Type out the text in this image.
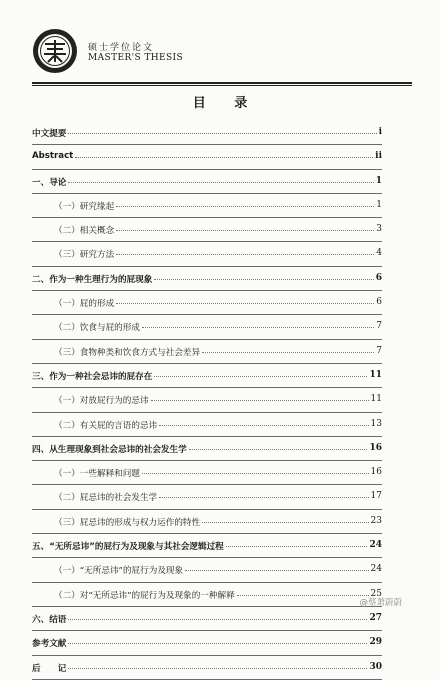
硕士学位论文
MASTER'S THESIS
目 录
中文提要	i
Abstract	ii
一、导论	1
（一）研究缘起	1
（二）相关概念	3
（三）研究方法	4
二、作为一种生理行为的屁现象	6
（一）屁的形成	6
（二）饮食与屁的形成	7
（三）食物种类和饮食方式与社会差异	7
三、作为一种社会忌讳的屁存在	11
（一）对放屁行为的忌讳	11
（二）有关屁的言语的忌讳	13
四、从生理现象到社会忌讳的社会发生学	16
（一）一些解释和问题	16
（二）屁忌讳的社会发生学	17
（三）屁忌讳的形成与权力运作的特性	23
五、“无所忌讳”的屁行为及现象与其社会逻辑过程	24
（一）“无所忌讳”的屁行为及现象	24
（二）对“无所忌讳”的屁行为及现象的一种解释	25
六、结语	27
参考文献	29
后　　记	30
@蔡萧蔚蔚
